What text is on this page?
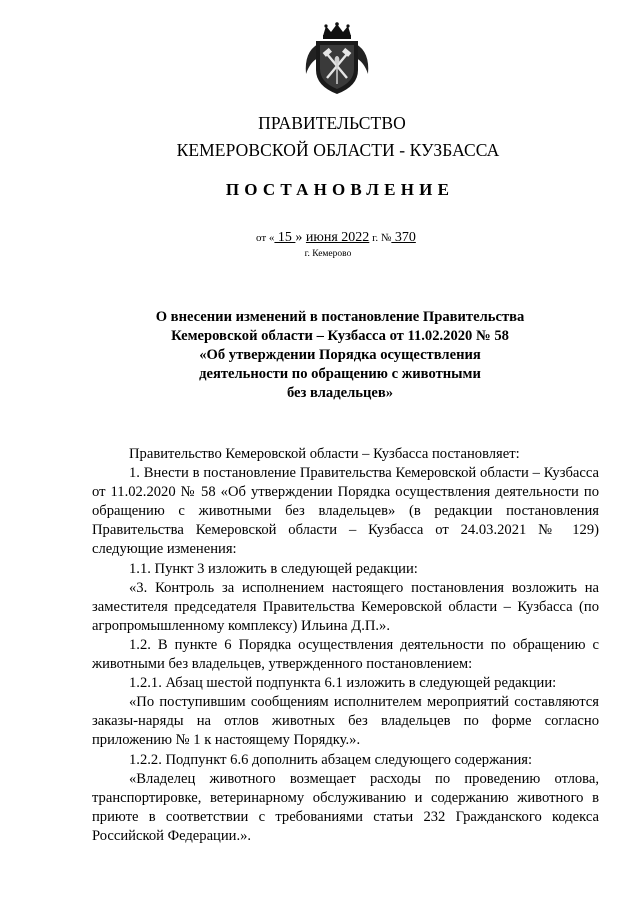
ПРАВИТЕЛЬСТВО
КЕМЕРОВСКОЙ ОБЛАСТИ - КУЗБАССА
ПОСТАНОВЛЕНИЕ
от « 15 » июня 2022 г. № 370
г. Кемерово
О внесении изменений в постановление Правительства
Кемеровской области – Кузбасса от 11.02.2020 № 58
«Об утверждении Порядка осуществления
деятельности по обращению с животными
без владельцев»

Правительство Кемеровской области – Кузбасса постановляет:

1. Внести в постановление Правительства Кемеровской области – Кузбасса от 11.02.2020 № 58 «Об утверждении Порядка осуществления деятельности по обращению с животными без владельцев» (в редакции постановления Правительства Кемеровской области – Кузбасса от 24.03.2021 № 129) следующие изменения:

1.1. Пункт 3 изложить в следующей редакции:

«3. Контроль за исполнением настоящего постановления возложить на заместителя председателя Правительства Кемеровской области – Кузбасса (по агропромышленному комплексу) Ильина Д.П.».

1.2. В пункте 6 Порядка осуществления деятельности по обращению с животными без владельцев, утвержденного постановлением:

1.2.1. Абзац шестой подпункта 6.1 изложить в следующей редакции:

«По поступившим сообщениям исполнителем мероприятий составляются заказы-наряды на отлов животных без владельцев по форме согласно приложению № 1 к настоящему Порядку.».

1.2.2. Подпункт 6.6 дополнить абзацем следующего содержания:

«Владелец животного возмещает расходы по проведению отлова, транспортировке, ветеринарному обслуживанию и содержанию животного в приюте в соответствии с требованиями статьи 232 Гражданского кодекса Российской Федерации.».
